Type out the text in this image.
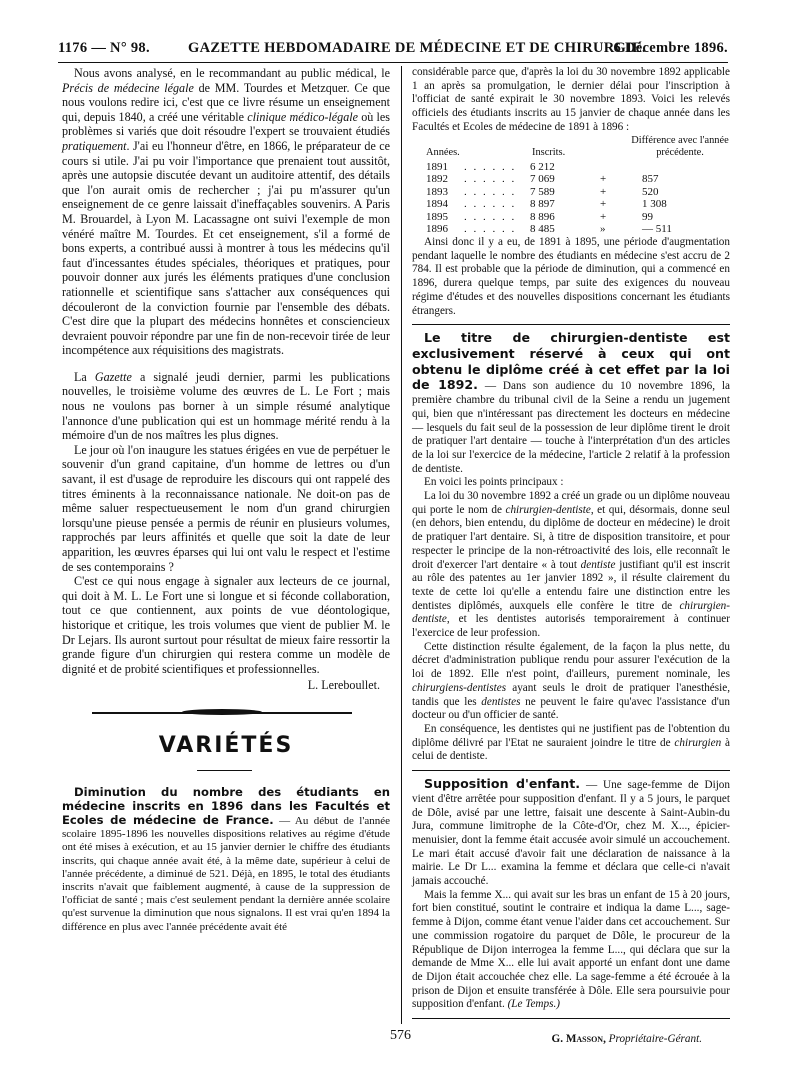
1176 — N° 98.	GAZETTE HEBDOMADAIRE DE MÉDECINE ET DE CHIRURGIE.
6 Décembre 1896.

Nous avons analysé, en le recommandant au public médical, le Précis de médecine légale de MM. Tourdes et Metzquer. Ce que nous voulons redire ici, c'est que ce livre résume un enseignement qui, depuis 1840, a créé une véritable clinique médico-légale où les problèmes si variés que doit résoudre l'expert se trouvaient étudiés pratiquement. J'ai eu l'honneur d'être, en 1866, le préparateur de ce cours si utile. J'ai pu voir l'importance que prenaient tout aussitôt, après une autopsie discutée devant un auditoire attentif, des détails que l'on aurait omis de rechercher ; j'ai pu m'assurer qu'un enseignement de ce genre laissait d'ineffaçables souvenirs. A Paris M. Brouardel, à Lyon M. Lacassagne ont suivi l'exemple de mon vénéré maître M. Tourdes. Et cet enseignement, s'il a formé de bons experts, a contribué aussi à montrer à tous les médecins qu'il faut d'incessantes études spéciales, théoriques et pratiques, pour pouvoir donner aux jurés les éléments pratiques d'une conclusion rationnelle et scientifique sans s'attacher aux conséquences qui découleront de la conviction fournie par l'ensemble des débats. C'est dire que la plupart des médecins honnêtes et consciencieux devraient pouvoir répondre par une fin de non-recevoir tirée de leur incompétence aux réquisitions des magistrats.

La Gazette a signalé jeudi dernier, parmi les publications nouvelles, le troisième volume des œuvres de L. Le Fort ; mais nous ne voulons pas borner à un simple résumé analytique l'annonce d'une publication qui est un hommage mérité rendu à la mémoire d'un de nos maîtres les plus dignes.

Le jour où l'on inaugure les statues érigées en vue de perpétuer le souvenir d'un grand capitaine, d'un homme de lettres ou d'un savant, il est d'usage de reproduire les discours qui ont rappelé des titres éminents à la reconnaissance nationale. Ne doit-on pas de même saluer respectueusement le nom d'un grand chirurgien lorsqu'une pieuse pensée a permis de réunir en plusieurs volumes, rapprochés par leurs affinités et quelle que soit la date de leur apparition, les œuvres éparses qui lui ont valu le respect et l'estime de ses contemporains ?

C'est ce qui nous engage à signaler aux lecteurs de ce journal, qui doit à M. L. Le Fort une si longue et si féconde collaboration, tout ce que contiennent, aux points de vue déontologique, historique et critique, les trois volumes que vient de publier M. le Dr Lejars. Ils auront surtout pour résultat de mieux faire ressortir la grande figure d'un chirurgien qui restera comme un modèle de dignité et de probité scientifiques et professionnelles.

L. Lereboullet.
VARIÉTÉS

Diminution du nombre des étudiants en médecine inscrits en 1896 dans les Facultés et Ecoles de médecine de France. — Au début de l'année scolaire 1895-1896 les nouvelles dispositions relatives au régime d'étude ont été mises à exécution, et au 15 janvier dernier le chiffre des étudiants inscrits, qui chaque année avait été, à la même date, supérieur à celui de l'année précédente, a diminué de 521. Déjà, en 1895, le total des étudiants inscrits n'avait que faiblement augmenté, à cause de la suppression de l'officiat de santé ; mais c'est seulement pendant la dernière année scolaire qu'est survenue la diminution que nous signalons. Il est vrai qu'en 1894 la différence en plus avec l'année précédente avait été

considérable parce que, d'après la loi du 30 novembre 1892 applicable 1 an après sa promulgation, le dernier délai pour l'inscription à l'officiat de santé expirait le 30 novembre 1893. Voici les relevés officiels des étudiants inscrits au 15 janvier de chaque année dans les Facultés et Ecoles de médecine de 1891 à 1896 :

Années.	Inscrits.
Différence avec l'année précédente.
1891 . . . . . . 6 212
1892 . . . . . . 7 069	+	857
1893 . . . . . . 7 589	+	520
1894 . . . . . . 8 897	+	1 308
1895 . . . . . . 8 896	+	99
1896 . . . . . . 8 485	»	— 511

Ainsi donc il y a eu, de 1891 à 1895, une période d'augmentation pendant laquelle le nombre des étudiants en médecine s'est accru de 2 784. Il est probable que la période de diminution, qui a commencé en 1896, durera quelque temps, par suite des exigences du nouveau régime d'études et des nouvelles dispositions concernant les étudiants étrangers.

Le titre de chirurgien-dentiste est exclusivement réservé à ceux qui ont obtenu le diplôme créé à cet effet par la loi de 1892. — Dans son audience du 10 novembre 1896, la première chambre du tribunal civil de la Seine a rendu un jugement qui, bien que n'intéressant pas directement les docteurs en médecine — lesquels du fait seul de la possession de leur diplôme tirent le droit de pratiquer l'art dentaire — touche à l'interprétation d'un des articles de la loi sur l'exercice de la médecine, l'article 2 relatif à la profession de dentiste.

En voici les points principaux :

La loi du 30 novembre 1892 a créé un grade ou un diplôme nouveau qui porte le nom de chirurgien-dentiste, et qui, désormais, donne seul (en dehors, bien entendu, du diplôme de docteur en médecine) le droit de pratiquer l'art dentaire. Si, à titre de disposition transitoire, et pour respecter le principe de la non-rétroactivité des lois, elle reconnaît le droit d'exercer l'art dentaire « à tout dentiste justifiant qu'il est inscrit au rôle des patentes au 1er janvier 1892 », il résulte clairement du texte de cette loi qu'elle a entendu faire une distinction entre les dentistes diplômés, auxquels elle confère le titre de chirurgien-dentiste, et les dentistes autorisés temporairement à continuer l'exercice de leur profession.

Cette distinction résulte également, de la façon la plus nette, du décret d'administration publique rendu pour assurer l'exécution de la loi de 1892. Elle n'est point, d'ailleurs, purement nominale, les chirurgiens-dentistes ayant seuls le droit de pratiquer l'anesthésie, tandis que les dentistes ne peuvent le faire qu'avec l'assistance d'un docteur ou d'un officier de santé.

En conséquence, les dentistes qui ne justifient pas de l'obtention du diplôme délivré par l'Etat ne sauraient joindre le titre de chirurgien à celui de dentiste.

Supposition d'enfant. — Une sage-femme de Dijon vient d'être arrêtée pour supposition d'enfant. Il y a 5 jours, le parquet de Dôle, avisé par une lettre, faisait une descente à Saint-Aubin-du Jura, commune limitrophe de la Côte-d'Or, chez M. X..., épicier-menuisier, dont la femme était accusée avoir simulé un accouchement. Le mari était accusé d'avoir fait une déclaration de naissance à la mairie. Le Dr L... examina la femme et déclara que celle-ci n'avait jamais accouché.

Mais la femme X... qui avait sur les bras un enfant de 15 à 20 jours, fort bien constitué, soutint le contraire et indiqua la dame L..., sage-femme à Dijon, comme étant venue l'aider dans cet accouchement. Sur une commission rogatoire du parquet de Dôle, le procureur de la République de Dijon interrogea la femme L..., qui déclara que sur la demande de Mme X... elle lui avait apporté un enfant dont une dame de Dijon était accouchée chez elle. La sage-femme a été écrouée à la prison de Dijon et ensuite transférée à Dôle. Elle sera poursuivie pour supposition d'enfant. (Le Temps.)

G. Masson, Propriétaire-Gérant.
576
